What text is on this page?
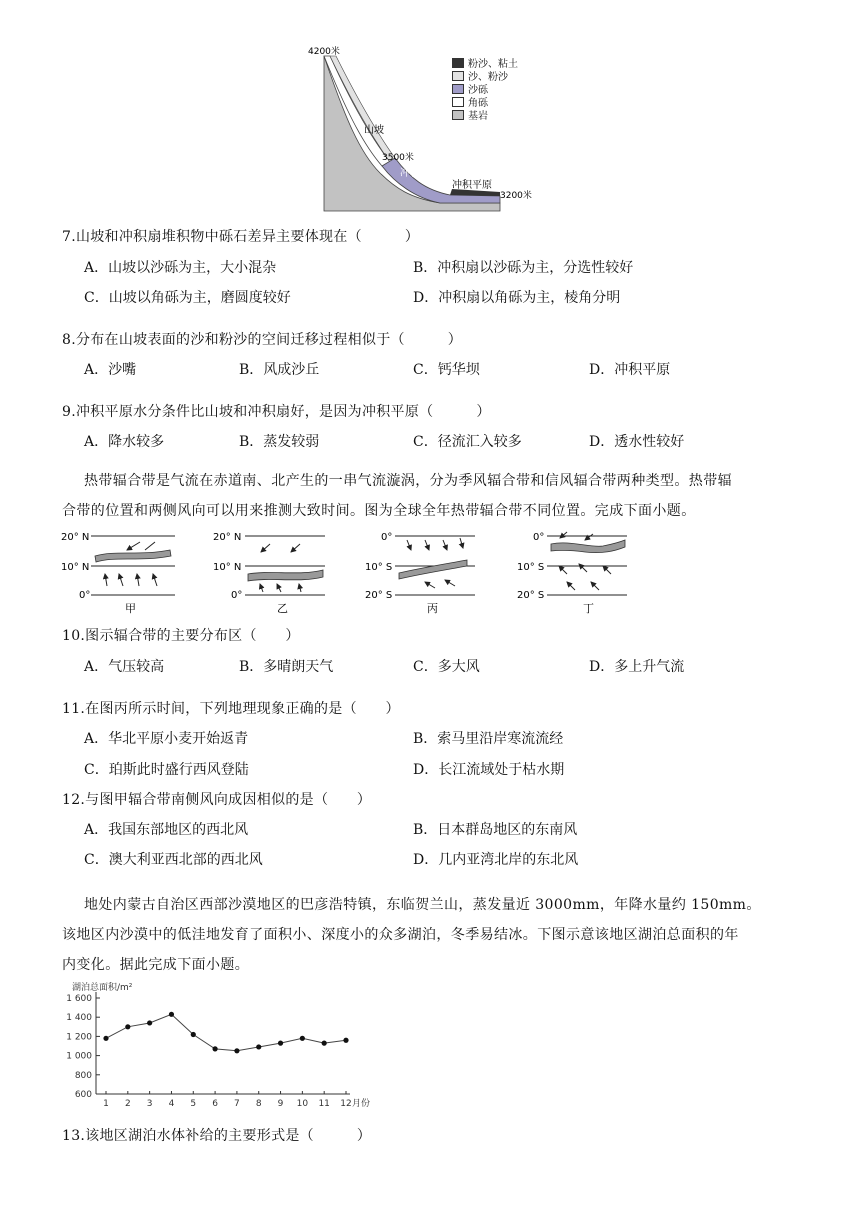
4200米
山坡
3500米
冲积扇
冲积平原
3200米
粉沙、粘土
沙、粉沙
沙砾
角砾
基岩
7.山坡和冲积扇堆积物中砾石差异主要体现在（　　　）
A．山坡以沙砾为主，大小混杂	B．冲积扇以沙砾为主，分选性较好
C．山坡以角砾为主，磨圆度较好	D．冲积扇以角砾为主，棱角分明
8.分布在山坡表面的沙和粉沙的空间迁移过程相似于（　　　）
A．沙嘴	B．风成沙丘	C．钙华坝	D．冲积平原
9.冲积平原水分条件比山坡和冲积扇好，是因为冲积平原（　　　）
A．降水较多	B．蒸发较弱	C．径流汇入较多	D．透水性较好
热带辐合带是气流在赤道南、北产生的一串气流漩涡，分为季风辐合带和信风辐合带两种类型。热带辐
合带的位置和两侧风向可以用来推测大致时间。图为全球全年热带辐合带不同位置。完成下面小题。
20° N
10° N
0°
甲
20° N
10° N
0°
乙
0°
10° S
20° S
丙
0°
10° S
20° S
丁
10.图示辐合带的主要分布区（　　）
A．气压较高	B．多晴朗天气	C．多大风	D．多上升气流
11.在图丙所示时间，下列地理现象正确的是（　　）
A．华北平原小麦开始返青	B．索马里沿岸寒流流经
C．珀斯此时盛行西风登陆	D．长江流域处于枯水期
12.与图甲辐合带南侧风向成因相似的是（　　）
A．我国东部地区的西北风	B．日本群岛地区的东南风
C．澳大利亚西北部的西北风	D．几内亚湾北岸的东北风
地处内蒙古自治区西部沙漠地区的巴彦浩特镇，东临贺兰山，蒸发量近 3000mm，年降水量约 150mm。
该地区内沙漠中的低洼地发育了面积小、深度小的众多湖泊，冬季易结冰。下图示意该地区湖泊总面积的年
内变化。据此完成下面小题。
1 600
1 400
1 200
1 000
800
600
1 2 3 4 5 6 7 8 9 10 11 12
湖泊总面积/m²
月份
13.该地区湖泊水体补给的主要形式是（　　　）
